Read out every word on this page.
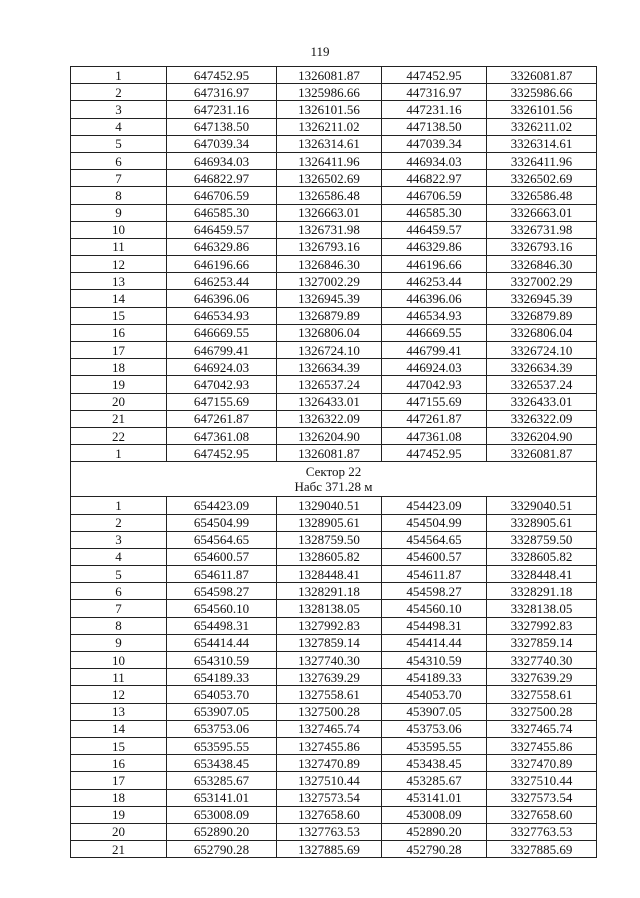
119
1	647452.95	1326081.87	447452.95	3326081.87
2	647316.97	1325986.66	447316.97	3325986.66
3	647231.16	1326101.56	447231.16	3326101.56
4	647138.50	1326211.02	447138.50	3326211.02
5	647039.34	1326314.61	447039.34	3326314.61
6	646934.03	1326411.96	446934.03	3326411.96
7	646822.97	1326502.69	446822.97	3326502.69
8	646706.59	1326586.48	446706.59	3326586.48
9	646585.30	1326663.01	446585.30	3326663.01
10	646459.57	1326731.98	446459.57	3326731.98
11	646329.86	1326793.16	446329.86	3326793.16
12	646196.66	1326846.30	446196.66	3326846.30
13	646253.44	1327002.29	446253.44	3327002.29
14	646396.06	1326945.39	446396.06	3326945.39
15	646534.93	1326879.89	446534.93	3326879.89
16	646669.55	1326806.04	446669.55	3326806.04
17	646799.41	1326724.10	446799.41	3326724.10
18	646924.03	1326634.39	446924.03	3326634.39
19	647042.93	1326537.24	447042.93	3326537.24
20	647155.69	1326433.01	447155.69	3326433.01
21	647261.87	1326322.09	447261.87	3326322.09
22	647361.08	1326204.90	447361.08	3326204.90
1	647452.95	1326081.87	447452.95	3326081.87

Сектор 22
Набс 371.28 м				

1	654423.09	1329040.51	454423.09	3329040.51
2	654504.99	1328905.61	454504.99	3328905.61
3	654564.65	1328759.50	454564.65	3328759.50
4	654600.57	1328605.82	454600.57	3328605.82
5	654611.87	1328448.41	454611.87	3328448.41
6	654598.27	1328291.18	454598.27	3328291.18
7	654560.10	1328138.05	454560.10	3328138.05
8	654498.31	1327992.83	454498.31	3327992.83
9	654414.44	1327859.14	454414.44	3327859.14
10	654310.59	1327740.30	454310.59	3327740.30
11	654189.33	1327639.29	454189.33	3327639.29
12	654053.70	1327558.61	454053.70	3327558.61
13	653907.05	1327500.28	453907.05	3327500.28
14	653753.06	1327465.74	453753.06	3327465.74
15	653595.55	1327455.86	453595.55	3327455.86
16	653438.45	1327470.89	453438.45	3327470.89
17	653285.67	1327510.44	453285.67	3327510.44
18	653141.01	1327573.54	453141.01	3327573.54
19	653008.09	1327658.60	453008.09	3327658.60
20	652890.20	1327763.53	452890.20	3327763.53
21	652790.28	1327885.69	452790.28	3327885.69
